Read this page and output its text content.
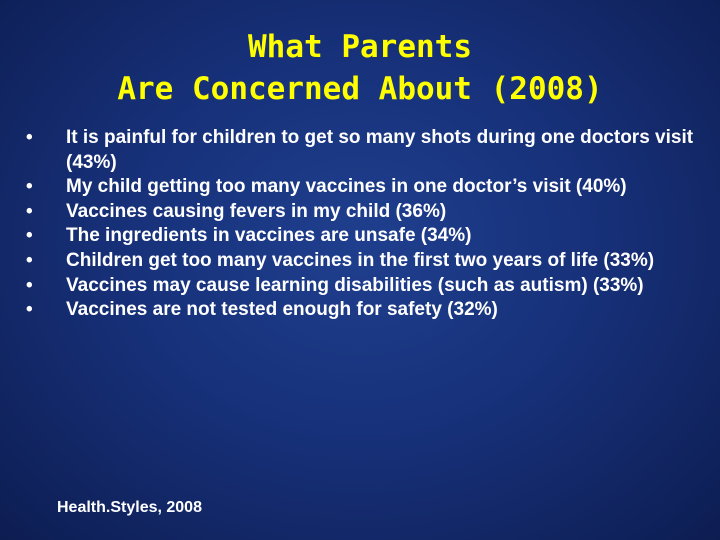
What Parents
Are Concerned About (2008)
•	It is painful for children to get so many shots during one doctors visit (43%)
•	My child getting too many vaccines in one doctor’s visit (40%)
•	Vaccines causing fevers in my child (36%)
•	The ingredients in vaccines are unsafe (34%)
•	Children get too many vaccines in the first two years of life (33%)
•	Vaccines may cause learning disabilities (such as autism) (33%)
•	Vaccines are not tested enough for safety (32%)
Health.Styles, 2008
